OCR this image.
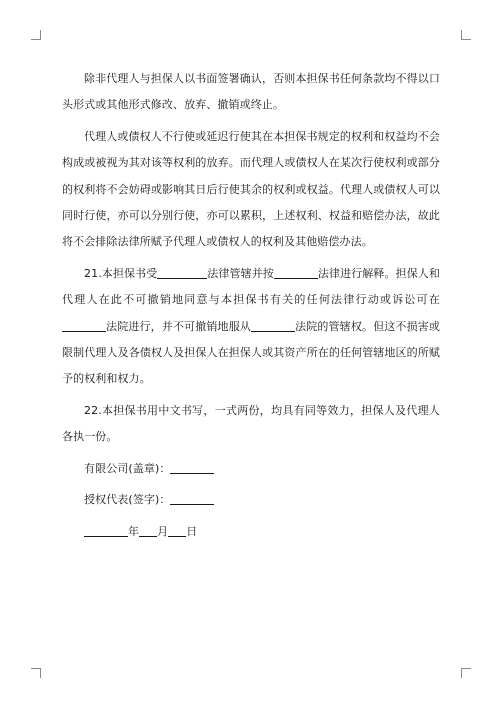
除非代理人与担保人以书面签署确认，否则本担保书任何条款均不得以口头形式或其他形式修改、放弃、撤销或终止。

代理人或债权人不行使或延迟行使其在本担保书规定的权利和权益均不会构成或被视为其对该等权利的放弃。而代理人或债权人在某次行使权利或部分的权利将不会妨碍或影响其日后行使其余的权利或权益。代理人或债权人可以同时行使，亦可以分别行使，亦可以累积，上述权利、权益和赔偿办法，故此将不会排除法律所赋予代理人或债权人的权利及其他赔偿办法。

21.本担保书受	法律管辖并按	法律进行解释。担保人和代理人在此不可撤销地同意与本担保书有关的任何法律行动或诉讼可在法院进行，并不可撤销地服从	法院的管辖权。但这不损害或限制代理人及各债权人及担保人在担保人或其资产所在的任何管辖地区的所赋予的权利和权力。

22.本担保书用中文书写，一式两份，均具有同等效力，担保人及代理人各执一份。

有限公司(盖章)：

授权代表(签字)：

年 月 日
